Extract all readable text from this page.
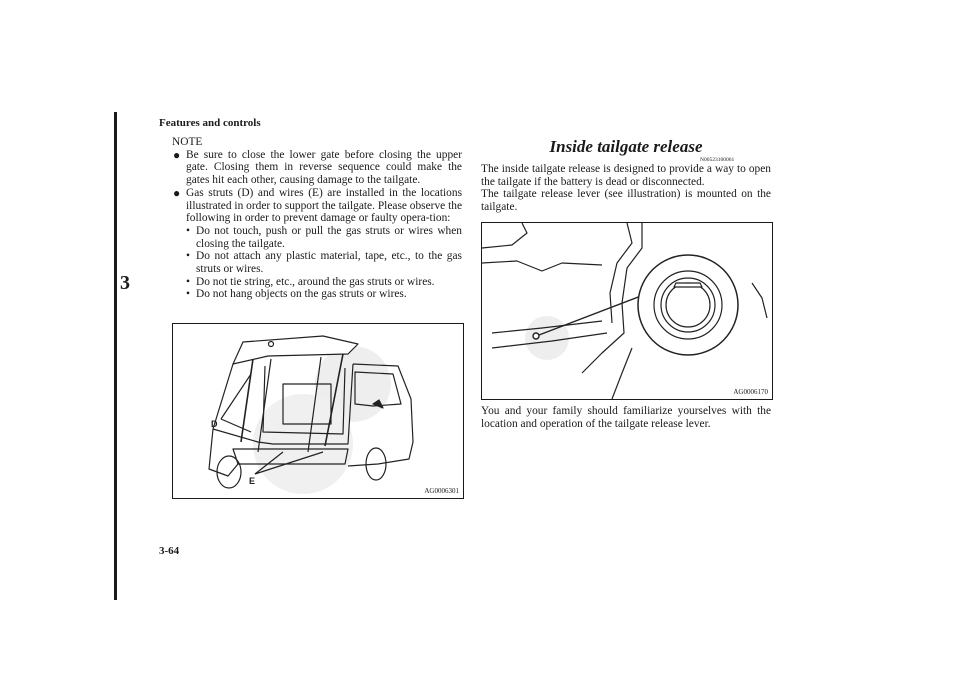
3
Features and controls
3-64

NOTE

● Be sure to close the lower gate before closing the upper gate. Closing them in reverse sequence could make the gates hit each other, causing damage to the tailgate.

● Gas struts (D) and wires (E) are installed in the locations illustrated in order to support the tailgate. Please observe the following in order to prevent damage or faulty opera-tion:

• Do not touch, push or pull the gas struts or wires when closing the tailgate.

• Do not attach any plastic material, tape, etc., to the gas struts or wires.

• Do not tie string, etc., around the gas struts or wires.

• Do not hang objects on the gas struts or wires.

D
E
AG0006301
Inside tailgate release
N00523100061

The inside tailgate release is designed to provide a way to open the tailgate if the battery is dead or disconnected.

The tailgate release lever (see illustration) is mounted on the tailgate.

AG0006170

You and your family should familiarize yourselves with the location and operation of the tailgate release lever.
